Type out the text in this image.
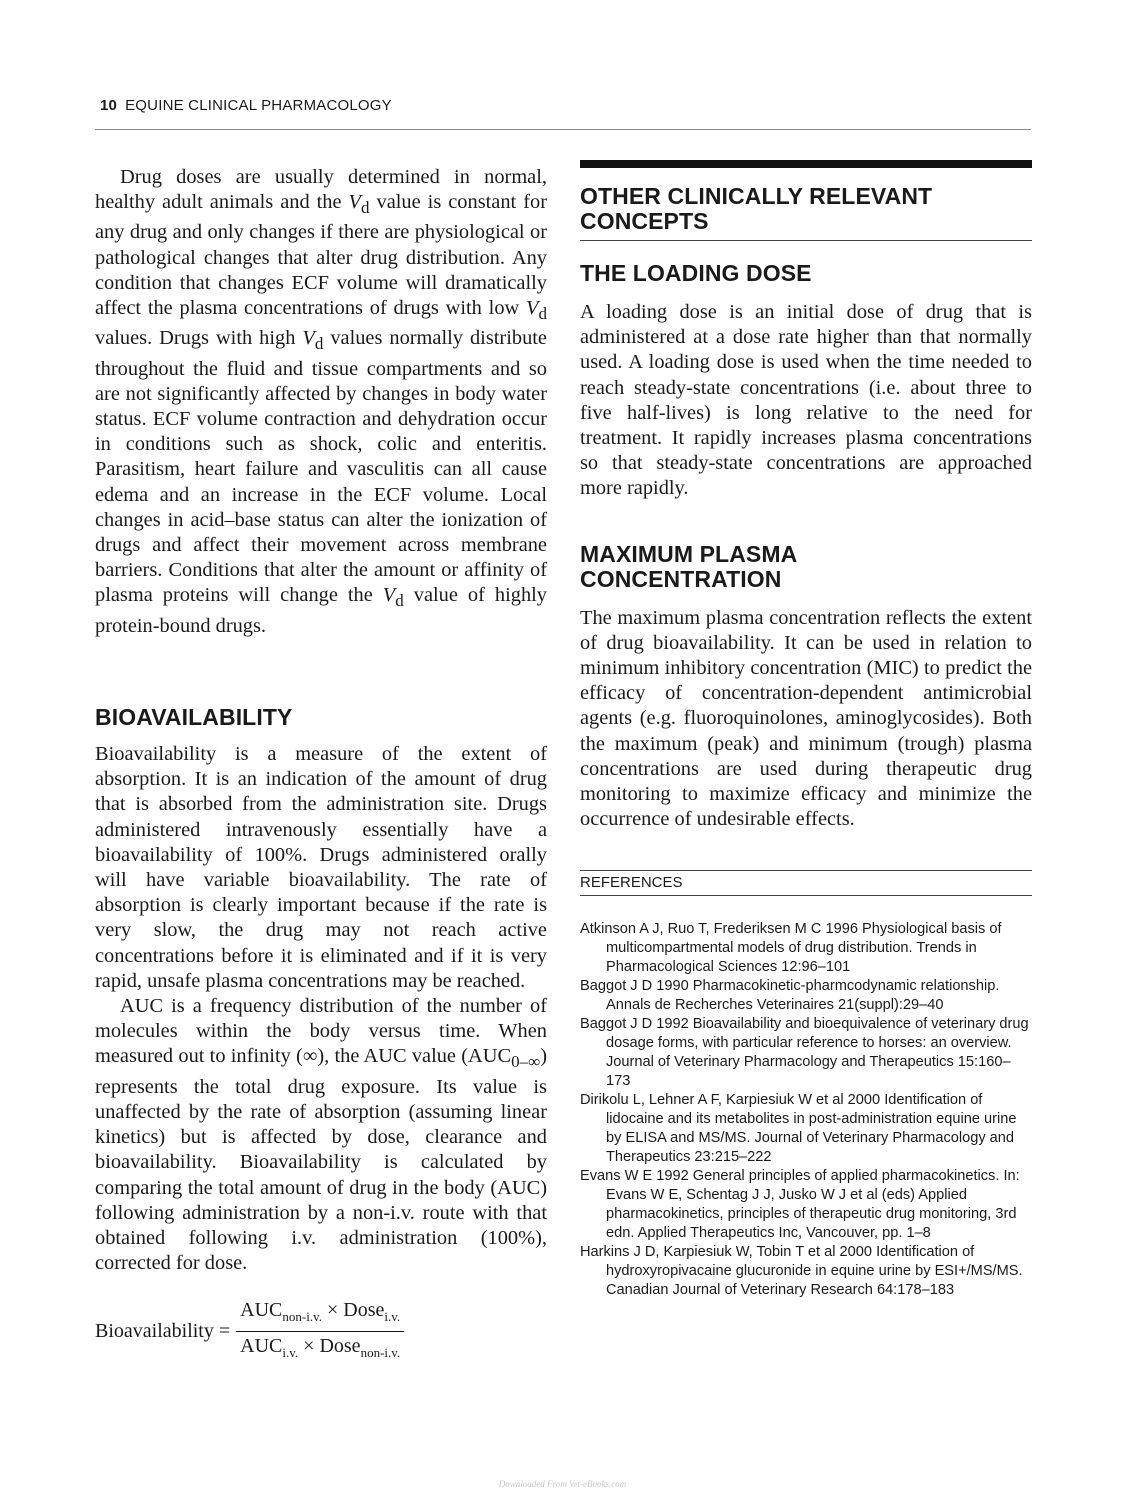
10 EQUINE CLINICAL PHARMACOLOGY

Drug doses are usually determined in normal, healthy adult animals and the $V_d$ value is constant for any drug and only changes if there are physiological or pathological changes that alter drug distribution. Any condition that changes ECF volume will dramatically affect the plasma concentrations of drugs with low $V_d$ values. Drugs with high $V_d$ values normally distribute throughout the fluid and tissue compartments and so are not significantly affected by changes in body water status. ECF volume contraction and dehydration occur in conditions such as shock, colic and enteritis. Parasitism, heart failure and vasculitis can all cause edema and an increase in the ECF volume. Local changes in acid–base status can alter the ionization of drugs and affect their movement across membrane barriers. Conditions that alter the amount or affinity of plasma proteins will change the $V_d$ value of highly protein-bound drugs.

BIOAVAILABILITY

Bioavailability is a measure of the extent of absorption. It is an indication of the amount of drug that is absorbed from the administration site. Drugs administered intravenously essentially have a bioavailability of 100%. Drugs administered orally will have variable bioavailability. The rate of absorption is clearly important because if the rate is very slow, the drug may not reach active concentrations before it is eliminated and if it is very rapid, unsafe plasma concentrations may be reached.

AUC is a frequency distribution of the number of molecules within the body versus time. When measured out to infinity (∞), the AUC value $(AUC_{0-\infty})$ represents the total drug exposure. Its value is unaffected by the rate of absorption (assuming linear kinetics) but is affected by dose, clearance and bioavailability. Bioavailability is calculated by comparing the total amount of drug in the body (AUC) following administration by a non-i.v. route with that obtained following i.v. administration (100%), corrected for dose.

Bioavailability = $\frac{AUC_{non-i.v.} \times Dose_{i.v.}}{AUC_{i.v.} \times Dose_{non-i.v.}}$
OTHER CLINICALLY RELEVANT
CONCEPTS
THE LOADING DOSE

A loading dose is an initial dose of drug that is administered at a dose rate higher than that normally used. A loading dose is used when the time needed to reach steady-state concentrations (i.e. about three to five half-lives) is long relative to the need for treatment. It rapidly increases plasma concentrations so that steady-state concentrations are approached more rapidly.

MAXIMUM PLASMA
CONCENTRATION

The maximum plasma concentration reflects the extent of drug bioavailability. It can be used in relation to minimum inhibitory concentration (MIC) to predict the efficacy of concentration-dependent antimicrobial agents (e.g. fluoroquinolones, aminoglycosides). Both the maximum (peak) and minimum (trough) plasma concentrations are used during therapeutic drug monitoring to maximize efficacy and minimize the occurrence of undesirable effects.

REFERENCES

Atkinson A J, Ruo T, Frederiksen M C 1996 Physiological basis of multicompartmental models of drug distribution. Trends in Pharmacological Sciences 12:96–101

Baggot J D 1990 Pharmacokinetic-pharmcodynamic relationship. Annals de Recherches Veterinaires 21(suppl):29–40

Baggot J D 1992 Bioavailability and bioequivalence of veterinary drug dosage forms, with particular reference to horses: an overview. Journal of Veterinary Pharmacology and Therapeutics 15:160–173

Dirikolu L, Lehner A F, Karpiesiuk W et al 2000 Identification of lidocaine and its metabolites in post-administration equine urine by ELISA and MS/MS. Journal of Veterinary Pharmacology and Therapeutics 23:215–222

Evans W E 1992 General principles of applied pharmacokinetics. In: Evans W E, Schentag J J, Jusko W J et al (eds) Applied pharmacokinetics, principles of therapeutic drug monitoring, 3rd edn. Applied Therapeutics Inc, Vancouver, pp. 1–8

Harkins J D, Karpiesiuk W, Tobin T et al 2000 Identification of hydroxyropivacaine glucuronide in equine urine by ESI+/MS/MS. Canadian Journal of Veterinary Research 64:178–183

Downloaded From Vet-eBooks.com
